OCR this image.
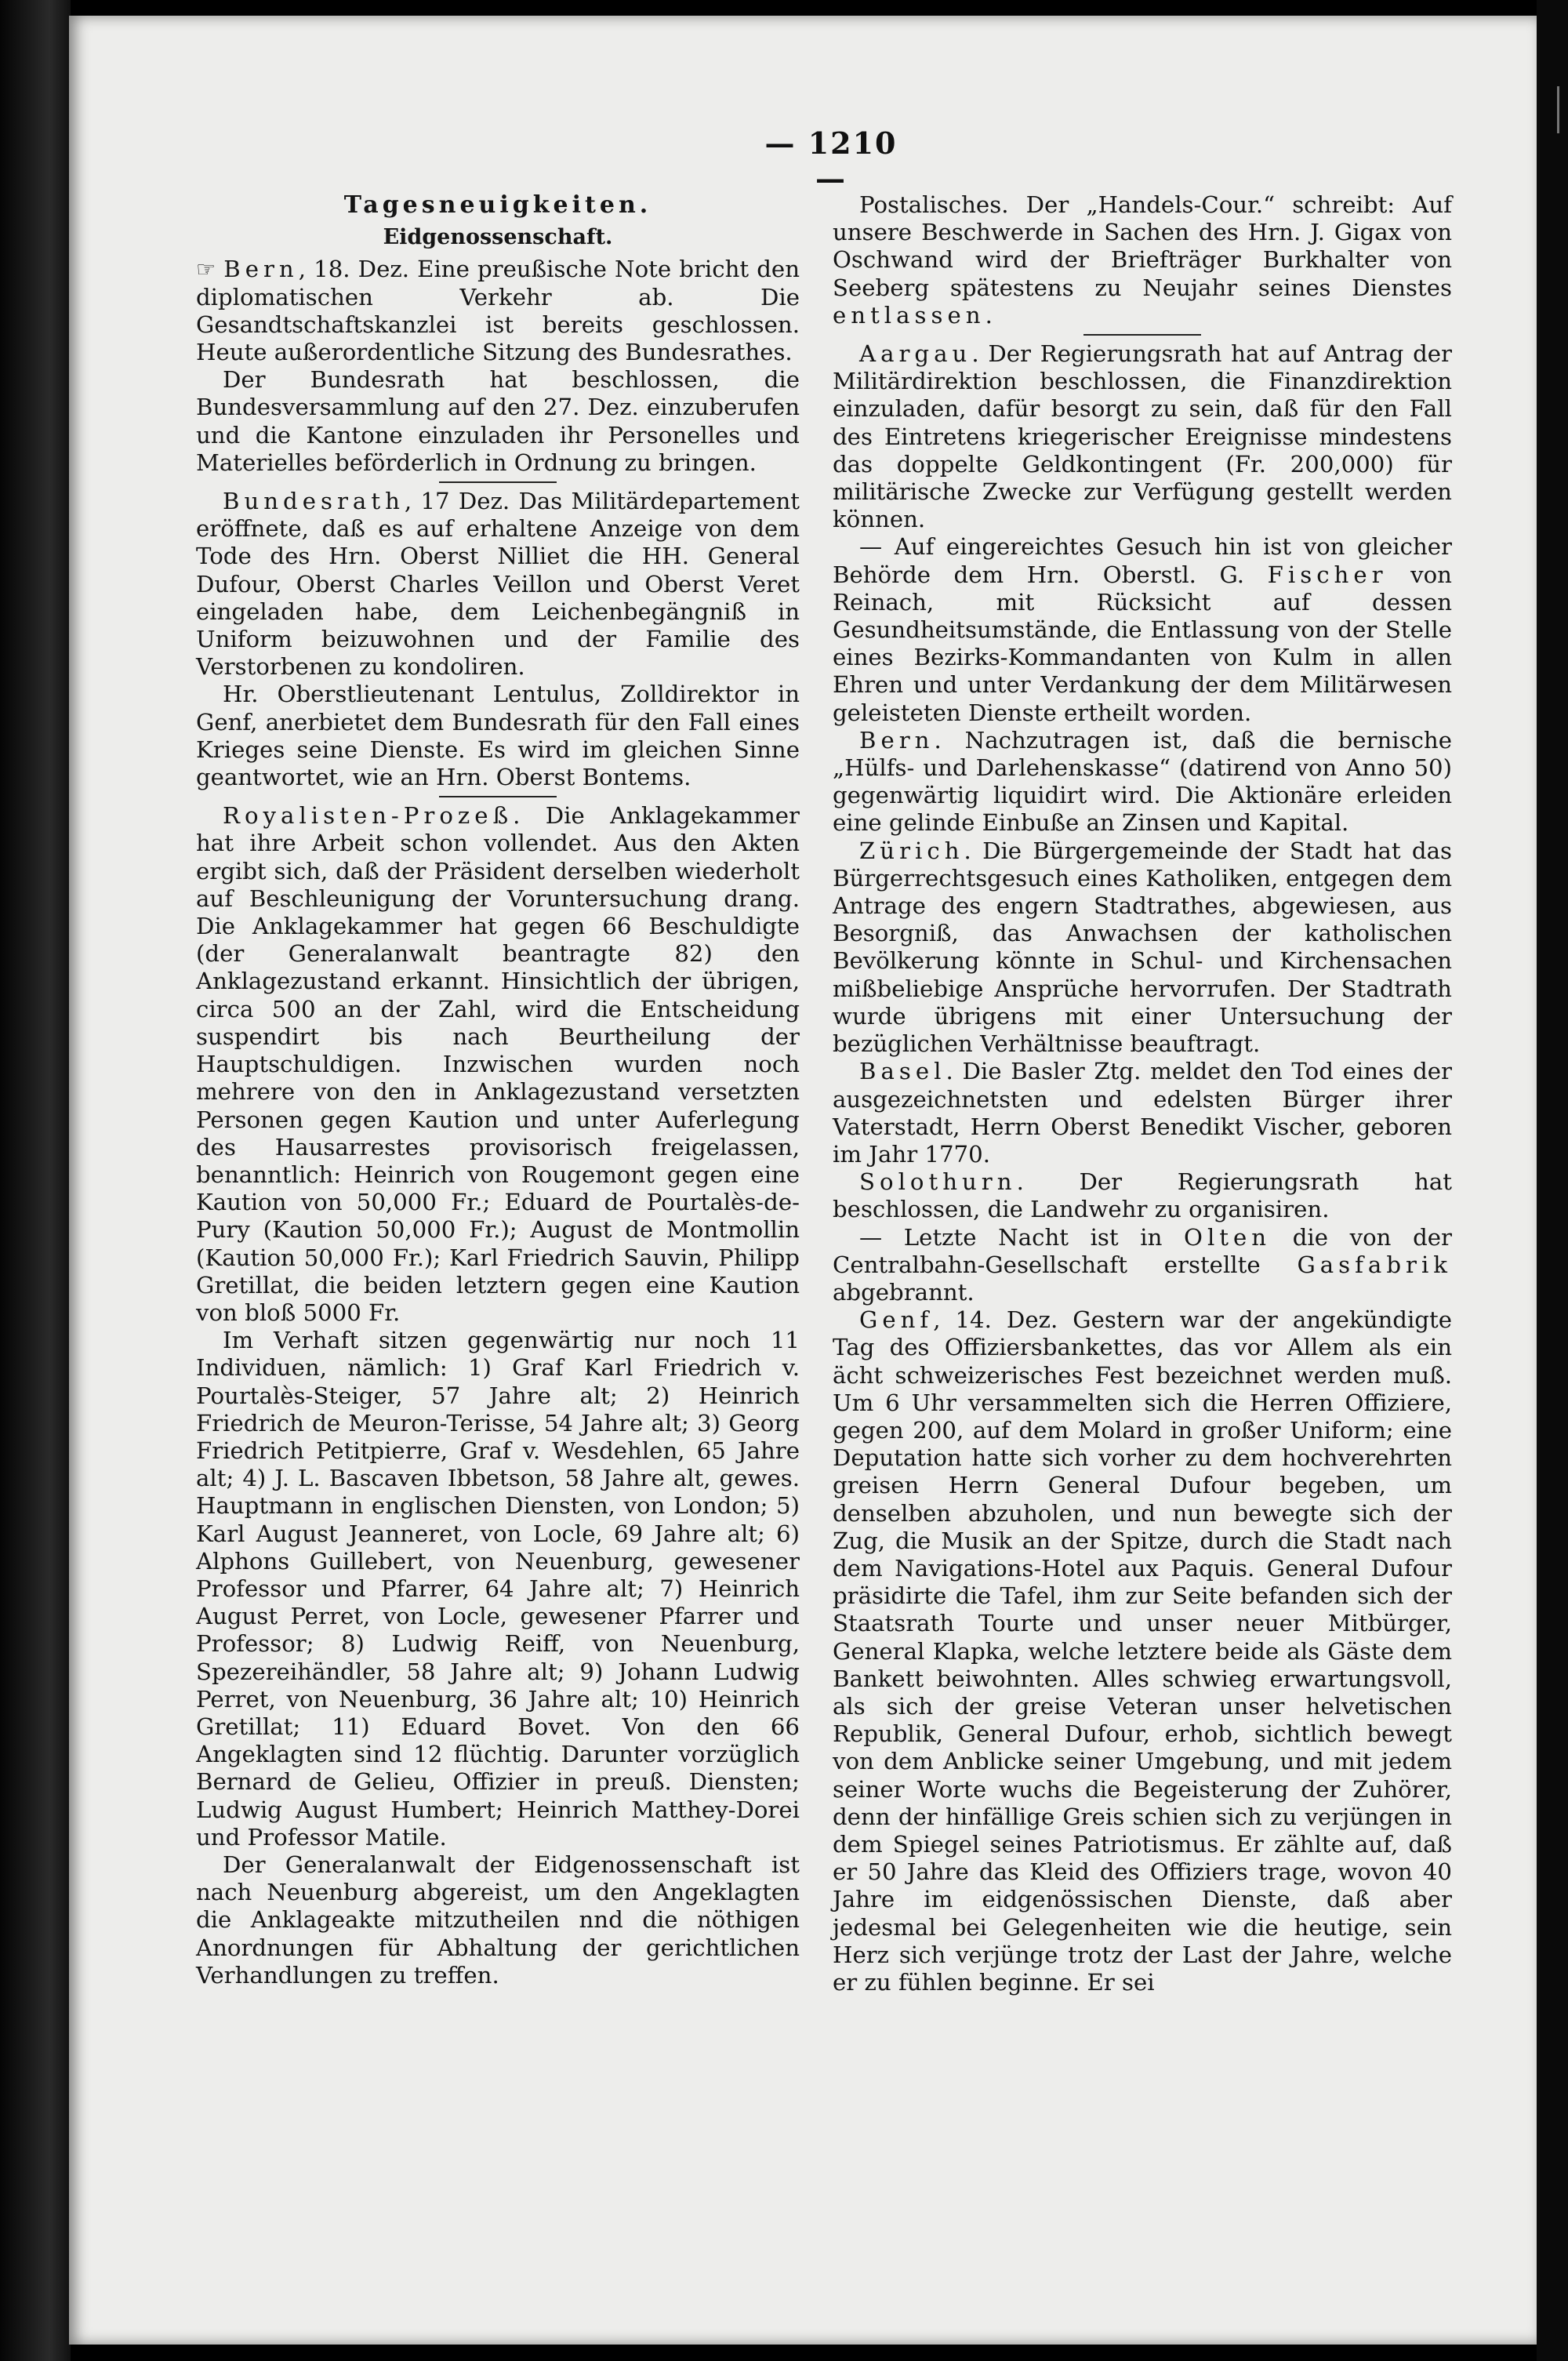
— 1210 —
Tagesneuigkeiten.
Eidgenossenschaft.

☞ Bern, 18. Dez. Eine preußische Note bricht den diplomatischen Verkehr ab. Die Gesandtschaftskanzlei ist bereits geschlossen. Heute außerordentliche Sitzung des Bundesrathes.

Der Bundesrath hat beschlossen, die Bundesversammlung auf den 27. Dez. einzuberufen und die Kantone einzuladen ihr Personelles und Materielles beförderlich in Ordnung zu bringen.

Bundesrath, 17 Dez. Das Militärdepartement eröffnete, daß es auf erhaltene Anzeige von dem Tode des Hrn. Oberst Nilliet die HH. General Dufour, Oberst Charles Veillon und Oberst Veret eingeladen habe, dem Leichenbegängniß in Uniform beizuwohnen und der Familie des Verstorbenen zu kondoliren.

Hr. Oberstlieutenant Lentulus, Zolldirektor in Genf, anerbietet dem Bundesrath für den Fall eines Krieges seine Dienste. Es wird im gleichen Sinne geantwortet, wie an Hrn. Oberst Bontems.

Royalisten-Prozeß. Die Anklagekammer hat ihre Arbeit schon vollendet. Aus den Akten ergibt sich, daß der Präsident derselben wiederholt auf Beschleunigung der Voruntersuchung drang. Die Anklagekammer hat gegen 66 Beschuldigte (der Generalanwalt beantragte 82) den Anklagezustand erkannt. Hinsichtlich der übrigen, circa 500 an der Zahl, wird die Entscheidung suspendirt bis nach Beurtheilung der Hauptschuldigen. Inzwischen wurden noch mehrere von den in Anklagezustand versetzten Personen gegen Kaution und unter Auferlegung des Hausarrestes provisorisch freigelassen, benanntlich: Heinrich von Rougemont gegen eine Kaution von 50,000 Fr.; Eduard de Pourtalès-de-Pury (Kaution 50,000 Fr.); August de Montmollin (Kaution 50,000 Fr.); Karl Friedrich Sauvin, Philipp Gretillat, die beiden letztern gegen eine Kaution von bloß 5000 Fr.

Im Verhaft sitzen gegenwärtig nur noch 11 Individuen, nämlich: 1) Graf Karl Friedrich v. Pourtalès-Steiger, 57 Jahre alt; 2) Heinrich Friedrich de Meuron-Terisse, 54 Jahre alt; 3) Georg Friedrich Petitpierre, Graf v. Wesdehlen, 65 Jahre alt; 4) J. L. Bascaven Ibbetson, 58 Jahre alt, gewes. Hauptmann in englischen Diensten, von London; 5) Karl August Jeanneret, von Locle, 69 Jahre alt; 6) Alphons Guillebert, von Neuenburg, gewesener Professor und Pfarrer, 64 Jahre alt; 7) Heinrich August Perret, von Locle, gewesener Pfarrer und Professor; 8) Ludwig Reiff, von Neuenburg, Spezereihändler, 58 Jahre alt; 9) Johann Ludwig Perret, von Neuenburg, 36 Jahre alt; 10) Heinrich Gretillat; 11) Eduard Bovet. Von den 66 Angeklagten sind 12 flüchtig. Darunter vorzüglich Bernard de Gelieu, Offizier in preuß. Diensten; Ludwig August Humbert; Heinrich Matthey-Dorei und Professor Matile.

Der Generalanwalt der Eidgenossenschaft ist nach Neuenburg abgereist, um den Angeklagten die Anklageakte mitzutheilen nnd die nöthigen Anordnungen für Abhaltung der gerichtlichen Verhandlungen zu treffen.

Postalisches. Der „Handels-Cour.“ schreibt: Auf unsere Beschwerde in Sachen des Hrn. J. Gigax von Oschwand wird der Briefträger Burkhalter von Seeberg spätestens zu Neujahr seines Dienstes entlassen.

Aargau. Der Regierungsrath hat auf Antrag der Militärdirektion beschlossen, die Finanzdirektion einzuladen, dafür besorgt zu sein, daß für den Fall des Eintretens kriegerischer Ereignisse mindestens das doppelte Geldkontingent (Fr. 200,000) für militärische Zwecke zur Verfügung gestellt werden können.

— Auf eingereichtes Gesuch hin ist von gleicher Behörde dem Hrn. Oberstl. G. Fischer von Reinach, mit Rücksicht auf dessen Gesundheitsumstände, die Entlassung von der Stelle eines Bezirks-Kommandanten von Kulm in allen Ehren und unter Verdankung der dem Militärwesen geleisteten Dienste ertheilt worden.

Bern. Nachzutragen ist, daß die bernische „Hülfs- und Darlehenskasse“ (datirend von Anno 50) gegenwärtig liquidirt wird. Die Aktionäre erleiden eine gelinde Einbuße an Zinsen und Kapital.

Zürich. Die Bürgergemeinde der Stadt hat das Bürgerrechtsgesuch eines Katholiken, entgegen dem Antrage des engern Stadtrathes, abgewiesen, aus Besorgniß, das Anwachsen der katholischen Bevölkerung könnte in Schul- und Kirchensachen mißbeliebige Ansprüche hervorrufen. Der Stadtrath wurde übrigens mit einer Untersuchung der bezüglichen Verhältnisse beauftragt.

Basel. Die Basler Ztg. meldet den Tod eines der ausgezeichnetsten und edelsten Bürger ihrer Vaterstadt, Herrn Oberst Benedikt Vischer, geboren im Jahr 1770.

Solothurn. Der Regierungsrath hat beschlossen, die Landwehr zu organisiren.

— Letzte Nacht ist in Olten die von der Centralbahn-Gesellschaft erstellte Gasfabrik abgebrannt.

Genf, 14. Dez. Gestern war der angekündigte Tag des Offiziersbankettes, das vor Allem als ein ächt schweizerisches Fest bezeichnet werden muß. Um 6 Uhr versammelten sich die Herren Offiziere, gegen 200, auf dem Molard in großer Uniform; eine Deputation hatte sich vorher zu dem hochverehrten greisen Herrn General Dufour begeben, um denselben abzuholen, und nun bewegte sich der Zug, die Musik an der Spitze, durch die Stadt nach dem Navigations-Hotel aux Paquis. General Dufour präsidirte die Tafel, ihm zur Seite befanden sich der Staatsrath Tourte und unser neuer Mitbürger, General Klapka, welche letztere beide als Gäste dem Bankett beiwohnten. Alles schwieg erwartungsvoll, als sich der greise Veteran unser helvetischen Republik, General Dufour, erhob, sichtlich bewegt von dem Anblicke seiner Umgebung, und mit jedem seiner Worte wuchs die Begeisterung der Zuhörer, denn der hinfällige Greis schien sich zu verjüngen in dem Spiegel seines Patriotismus. Er zählte auf, daß er 50 Jahre das Kleid des Offiziers trage, wovon 40 Jahre im eidgenössischen Dienste, daß aber jedesmal bei Gelegenheiten wie die heutige, sein Herz sich verjünge trotz der Last der Jahre, welche er zu fühlen beginne. Er sei
